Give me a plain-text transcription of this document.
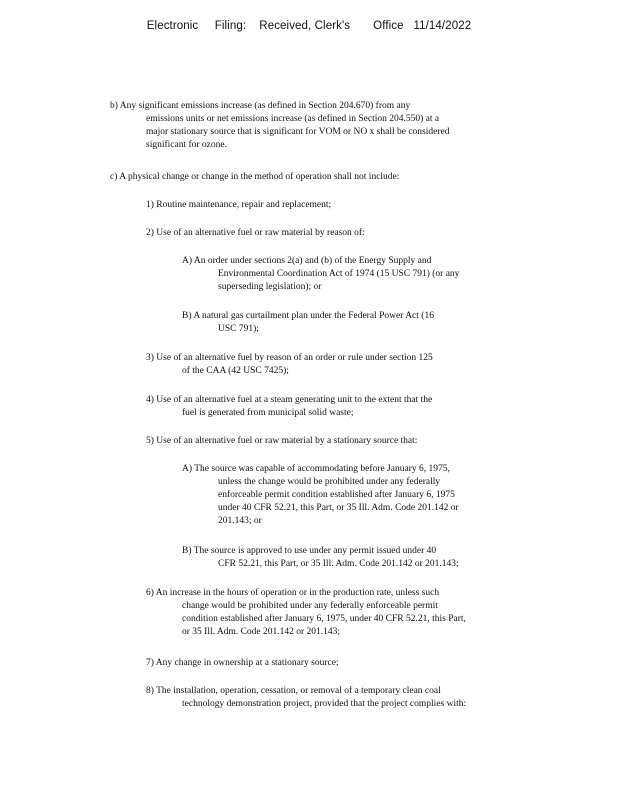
Electronic     Filing:    Received, Clerk's       Office   11/14/2022
b) Any significant emissions increase (as defined in Section 204.670) from any
emissions units or net emissions increase (as defined in Section 204.550) at a
major stationary source that is significant for VOM or NO x shall be considered
significant for ozone.
c) A physical change or change in the method of operation shall not include:
1) Routine maintenance, repair and replacement;
2) Use of an alternative fuel or raw material by reason of:
A) An order under sections 2(a) and (b) of the Energy Supply and
Environmental Coordination Act of 1974 (15 USC 791) (or any
superseding legislation); or
B) A natural gas curtailment plan under the Federal Power Act (16
USC 791);
3) Use of an alternative fuel by reason of an order or rule under section 125
of the CAA (42 USC 7425);
4) Use of an alternative fuel at a steam generating unit to the extent that the
fuel is generated from municipal solid waste;
5) Use of an alternative fuel or raw material by a stationary source that:
A) The source was capable of accommodating before January 6, 1975,
unless the change would be prohibited under any federally
enforceable permit condition established after January 6, 1975
under 40 CFR 52.21, this Part, or 35 Ill. Adm. Code 201.142 or
201.143; or
B) The source is approved to use under any permit issued under 40
CFR 52.21, this Part, or 35 Ill. Adm. Code 201.142 or 201.143;
6) An increase in the hours of operation or in the production rate, unless such
change would be prohibited under any federally enforceable permit
condition established after January 6, 1975, under 40 CFR 52.21, this Part,
or 35 Ill. Adm. Code 201.142 or 201.143;
7) Any change in ownership at a stationary source;
8) The installation, operation, cessation, or removal of a temporary clean coal
technology demonstration project, provided that the project complies with:
